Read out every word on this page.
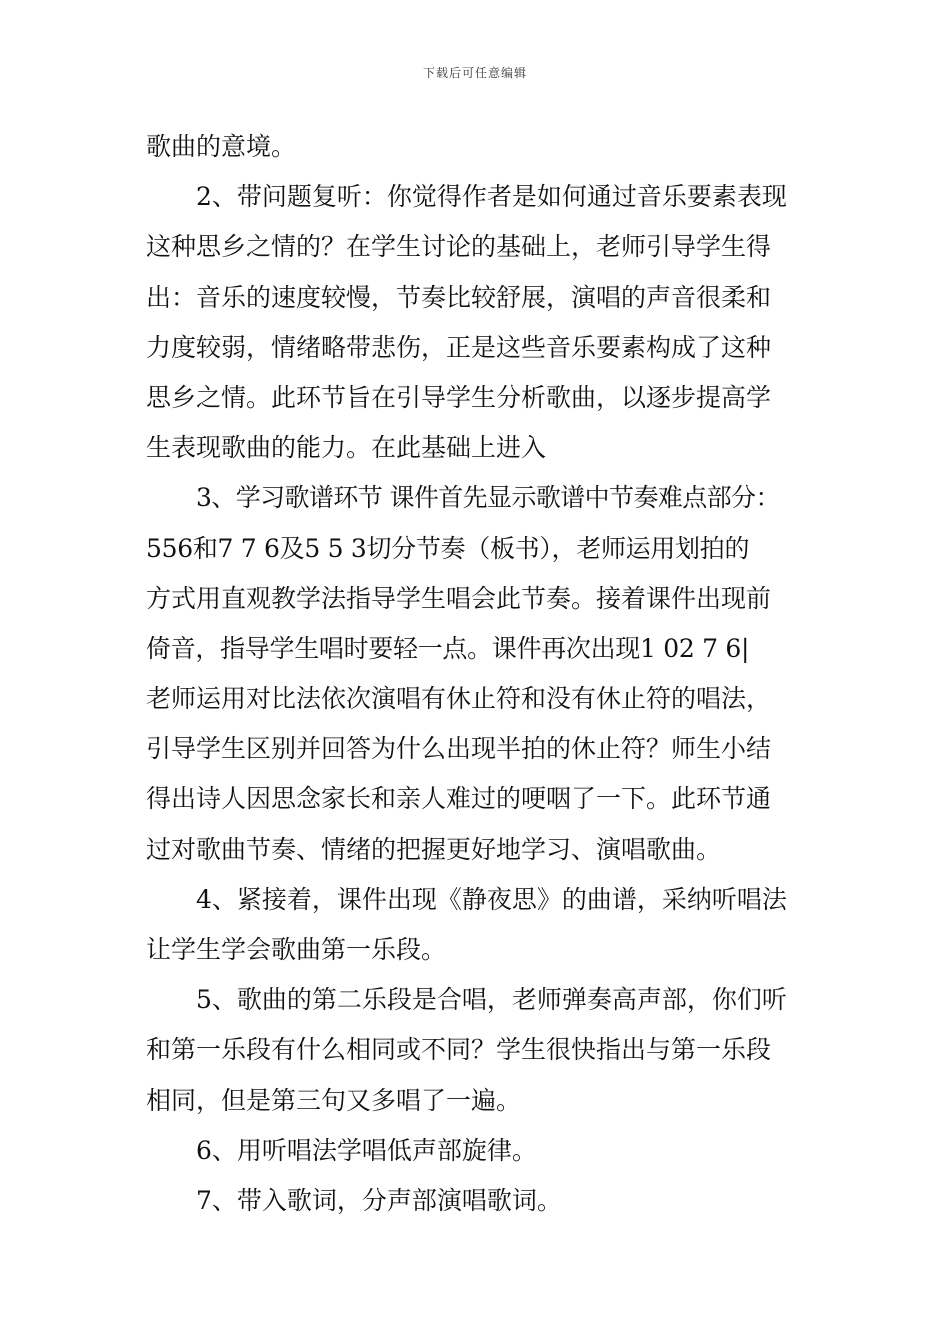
下载后可任意编辑
歌曲的意境。
2、带问题复听：你觉得作者是如何通过音乐要素表现
这种思乡之情的？在学生讨论的基础上，老师引导学生得
出：音乐的速度较慢，节奏比较舒展，演唱的声音很柔和
力度较弱，情绪略带悲伤，正是这些音乐要素构成了这种
思乡之情。此环节旨在引导学生分析歌曲，以逐步提高学
生表现歌曲的能力。在此基础上进入
3、学习歌谱环节 课件首先显示歌谱中节奏难点部分：
556和7 7 6及5 5 3切分节奏（板书），老师运用划拍的
方式用直观教学法指导学生唱会此节奏。接着课件出现前
倚音，指导学生唱时要轻一点。课件再次出现1 02 7 6|
老师运用对比法依次演唱有休止符和没有休止符的唱法，
引导学生区别并回答为什么出现半拍的休止符？师生小结
得出诗人因思念家长和亲人难过的哽咽了一下。此环节通
过对歌曲节奏、情绪的把握更好地学习、演唱歌曲。
4、紧接着，课件出现《静夜思》的曲谱，采纳听唱法
让学生学会歌曲第一乐段。
5、歌曲的第二乐段是合唱，老师弹奏高声部，你们听
和第一乐段有什么相同或不同？学生很快指出与第一乐段
相同，但是第三句又多唱了一遍。
6、用听唱法学唱低声部旋律。
7、带入歌词，分声部演唱歌词。
